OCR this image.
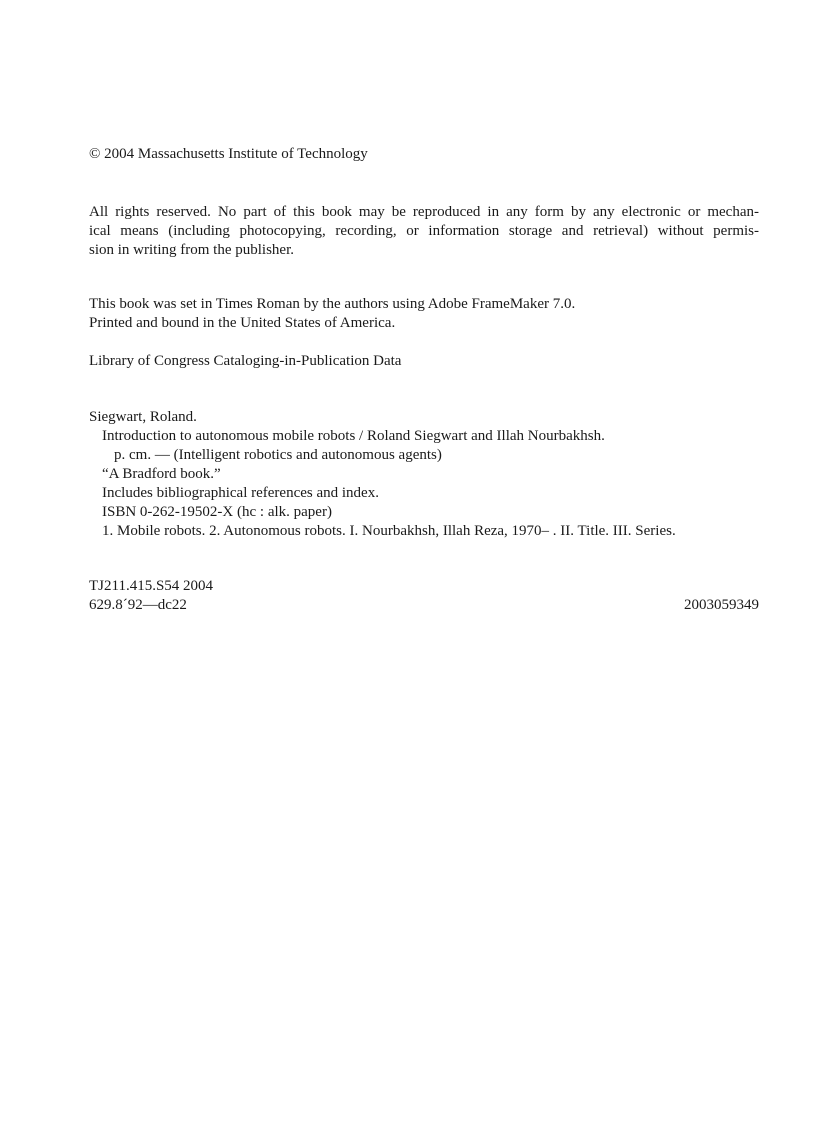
© 2004 Massachusetts Institute of Technology
All rights reserved. No part of this book may be reproduced in any form by any electronic or mechan-
ical means (including photocopying, recording, or information storage and retrieval) without permis-
sion in writing from the publisher.
This book was set in Times Roman by the authors using Adobe FrameMaker 7.0.
Printed and bound in the United States of America.
Library of Congress Cataloging-in-Publication Data
Siegwart, Roland.
Introduction to autonomous mobile robots / Roland Siegwart and Illah Nourbakhsh.
p. cm. — (Intelligent robotics and autonomous agents)
“A Bradford book.”
Includes bibliographical references and index.
ISBN 0-262-19502-X (hc : alk. paper)
1. Mobile robots. 2. Autonomous robots. I. Nourbakhsh, Illah Reza, 1970– . II. Title. III. Series.
TJ211.415.S54 2004
629.8´92—dc22	2003059349
